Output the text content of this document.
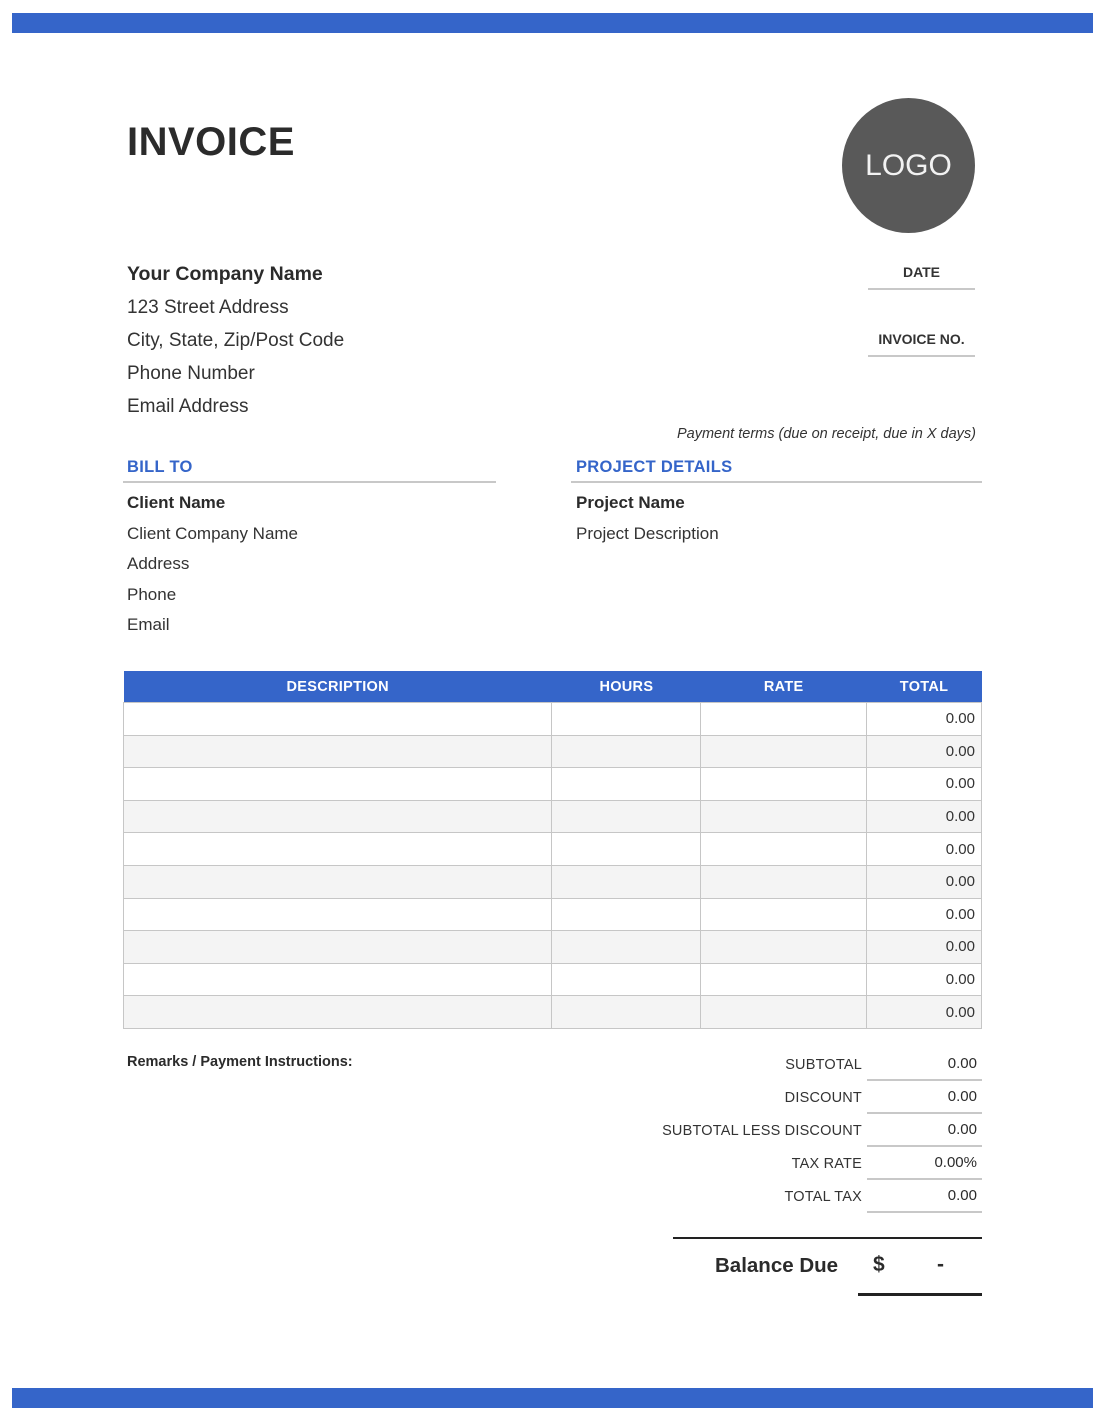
INVOICE
LOGO
Your Company Name
123 Street Address
City, State, Zip/Post Code
Phone Number
Email Address
DATE
INVOICE NO.
Payment terms (due on receipt, due in X days)
BILL TO
Client Name
Client Company Name
Address
Phone
Email
PROJECT DETAILS
Project Name
Project Description
DESCRIPTION	HOURS	RATE	TOTAL
			0.00
			0.00
			0.00
			0.00
			0.00
			0.00
			0.00
			0.00
			0.00
			0.00
Remarks / Payment Instructions:	SUBTOTAL	0.00
DISCOUNT	0.00
SUBTOTAL LESS DISCOUNT	0.00
TAX RATE	0.00%
TOTAL TAX	0.00
Balance Due $ -
